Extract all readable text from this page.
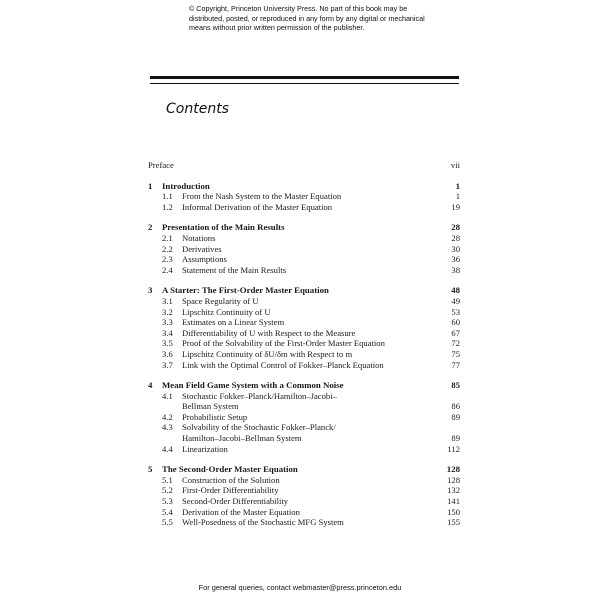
© Copyright, Princeton University Press. No part of this book may be
distributed, posted, or reproduced in any form by any digital or mechanical
means without prior written permission of the publisher.
Contents
Preface	vii
1 Introduction	1
1.1 From the Nash System to the Master Equation	1
1.2 Informal Derivation of the Master Equation	19
2 Presentation of the Main Results	28
2.1 Notations	28
2.2 Derivatives	30
2.3 Assumptions	36
2.4 Statement of the Main Results	38
3 A Starter: The First-Order Master Equation	48
3.1 Space Regularity of U	49
3.2 Lipschitz Continuity of U	53
3.3 Estimates on a Linear System	60
3.4 Differentiability of U with Respect to the Measure	67
3.5 Proof of the Solvability of the First-Order Master Equation	72
3.6 Lipschitz Continuity of δU/δm with Respect to m	75
3.7 Link with the Optimal Control of Fokker–Planck Equation	77
4 Mean Field Game System with a Common Noise	85
4.1 Stochastic Fokker–Planck/Hamilton–Jacobi–
Bellman System	86
4.2 Probabilistic Setup	89
4.3 Solvability of the Stochastic Fokker–Planck/
Hamilton–Jacobi–Bellman System	89
4.4 Linearization	112
5 The Second-Order Master Equation	128
5.1 Construction of the Solution	128
5.2 First-Order Differentiability	132
5.3 Second-Order Differentiability	141
5.4 Derivation of the Master Equation	150
5.5 Well-Posedness of the Stochastic MFG System	155
For general queries, contact webmaster@press.princeton.edu
